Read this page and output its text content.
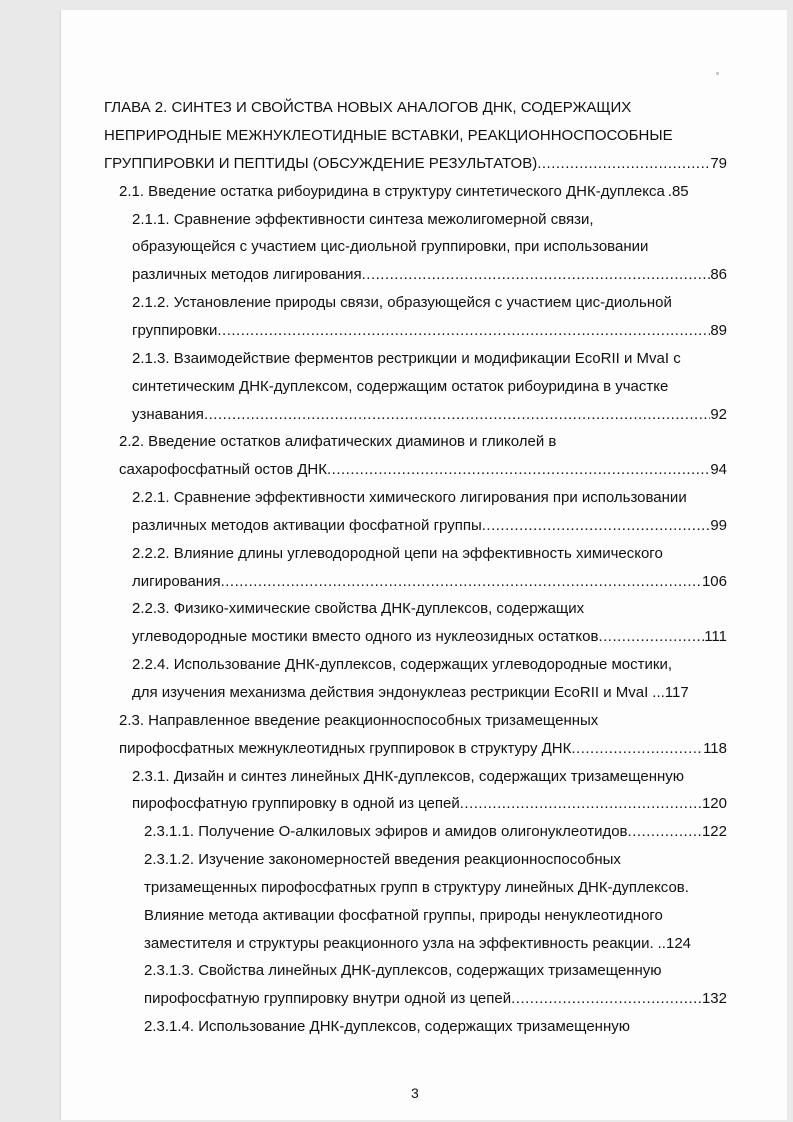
ГЛАВА 2. СИНТЕЗ И СВОЙСТВА НОВЫХ АНАЛОГОВ ДНК, СОДЕРЖАЩИХ
НЕПРИРОДНЫЕ МЕЖНУКЛЕОТИДНЫЕ ВСТАВКИ, РЕАКЦИОННОСПОСОБНЫЕ
ГРУППИРОВКИ И ПЕПТИДЫ (ОБСУЖДЕНИЕ РЕЗУЛЬТАТОВ) .....	79
2.1. Введение остатка рибоуридина в структуру синтетического ДНК-дуплекса .85
2.1.1. Сравнение эффективности синтеза межолигомерной связи,
образующейся с участием цис-диольной группировки, при использовании
различных методов лигирования .....	86
2.1.2. Установление природы связи, образующейся с участием цис-диольной
группировки .....	89
2.1.3. Взаимодействие ферментов рестрикции и модификации EcoRII и MvaI с
синтетическим ДНК-дуплексом, содержащим остаток рибоуридина в участке
узнавания .....	92
2.2. Введение остатков алифатических диаминов и гликолей в
сахарофосфатный остов ДНК .....	94
2.2.1. Сравнение эффективности химического лигирования при использовании
различных методов активации фосфатной группы .....	99
2.2.2. Влияние длины углеводородной цепи на эффективность химического
лигирования .....	106
2.2.3. Физико-химические свойства ДНК-дуплексов, содержащих
углеводородные мостики вместо одного из нуклеозидных остатков .....	111
2.2.4. Использование ДНК-дуплексов, содержащих углеводородные мостики,
для изучения механизма действия эндонуклеаз рестрикции EcoRII и MvaI ...117
2.3. Направленное введение реакционноспособных тризамещенных
пирофосфатных межнуклеотидных группировок в структуру ДНК .....	118
2.3.1. Дизайн и синтез линейных ДНК-дуплексов, содержащих тризамещенную
пирофосфатную группировку в одной из цепей .....	120
2.3.1.1. Получение O-алкиловых эфиров и амидов олигонуклеотидов .....	122
2.3.1.2. Изучение закономерностей введения реакционноспособных
тризамещенных пирофосфатных групп в структуру линейных ДНК-дуплексов.
Влияние метода активации фосфатной группы, природы ненуклеотидного
заместителя и структуры реакционного узла на эффективность реакции. ..124
2.3.1.3. Свойства линейных ДНК-дуплексов, содержащих тризамещенную
пирофосфатную группировку внутри одной из цепей .....	132
2.3.1.4. Использование ДНК-дуплексов, содержащих тризамещенную
3
